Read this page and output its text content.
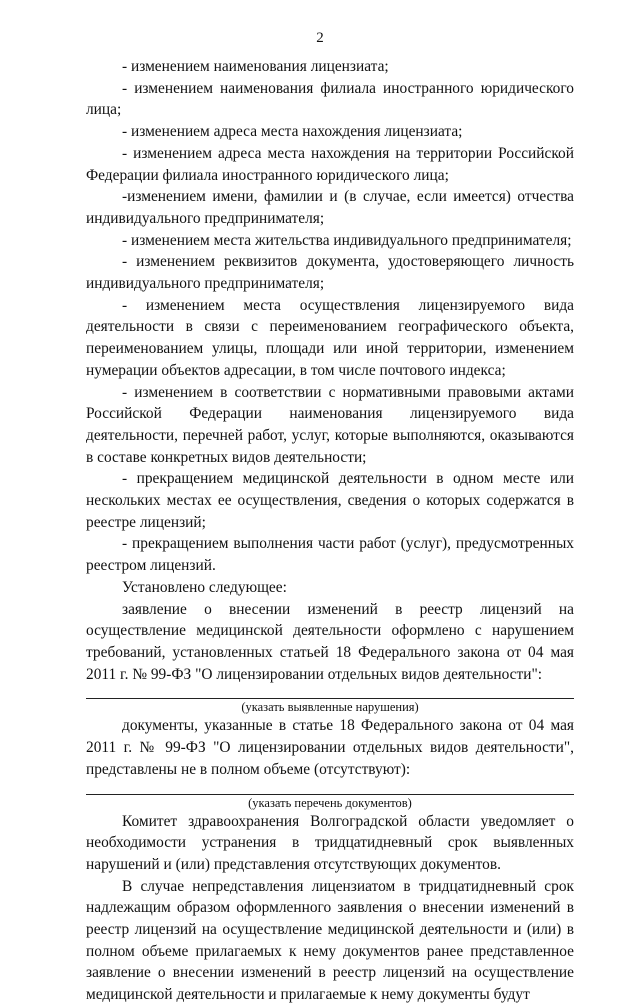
2

- изменением наименования лицензиата;

- изменением наименования филиала иностранного юридического лица;

- изменением адреса места нахождения лицензиата;

- изменением адреса места нахождения на территории Российской Федерации филиала иностранного юридического лица;

-изменением имени, фамилии и (в случае, если имеется) отчества индивидуального предпринимателя;

- изменением места жительства индивидуального предпринимателя;

- изменением реквизитов документа, удостоверяющего личность индивидуального предпринимателя;

- изменением места осуществления лицензируемого вида деятельности в связи с переименованием географического объекта, переименованием улицы, площади или иной территории, изменением нумерации объектов адресации, в том числе почтового индекса;

- изменением в соответствии с нормативными правовыми актами Российской Федерации наименования лицензируемого вида деятельности, перечней работ, услуг, которые выполняются, оказываются в составе конкретных видов деятельности;

- прекращением медицинской деятельности в одном месте или нескольких местах ее осуществления, сведения о которых содержатся в реестре лицензий;

- прекращением выполнения части работ (услуг), предусмотренных реестром лицензий.

Установлено следующее:

заявление о внесении изменений в реестр лицензий на осуществление медицинской деятельности оформлено с нарушением требований, установленных статьей 18 Федерального закона от 04 мая 2011 г. № 99-ФЗ "О лицензировании отдельных видов деятельности":

(указать выявленные нарушения)

документы, указанные в статье 18 Федерального закона от 04 мая 2011 г. № 99-ФЗ "О лицензировании отдельных видов деятельности", представлены не в полном объеме (отсутствуют):

(указать перечень документов)

Комитет здравоохранения Волгоградской области уведомляет о необходимости устранения в тридцатидневный срок выявленных нарушений и (или) представления отсутствующих документов.

В случае непредставления лицензиатом в тридцатидневный срок надлежащим образом оформленного заявления о внесении изменений в реестр лицензий на осуществление медицинской деятельности и (или) в полном объеме прилагаемых к нему документов ранее представленное заявление о внесении изменений в реестр лицензий на осуществление медицинской деятельности и прилагаемые к нему документы будут
